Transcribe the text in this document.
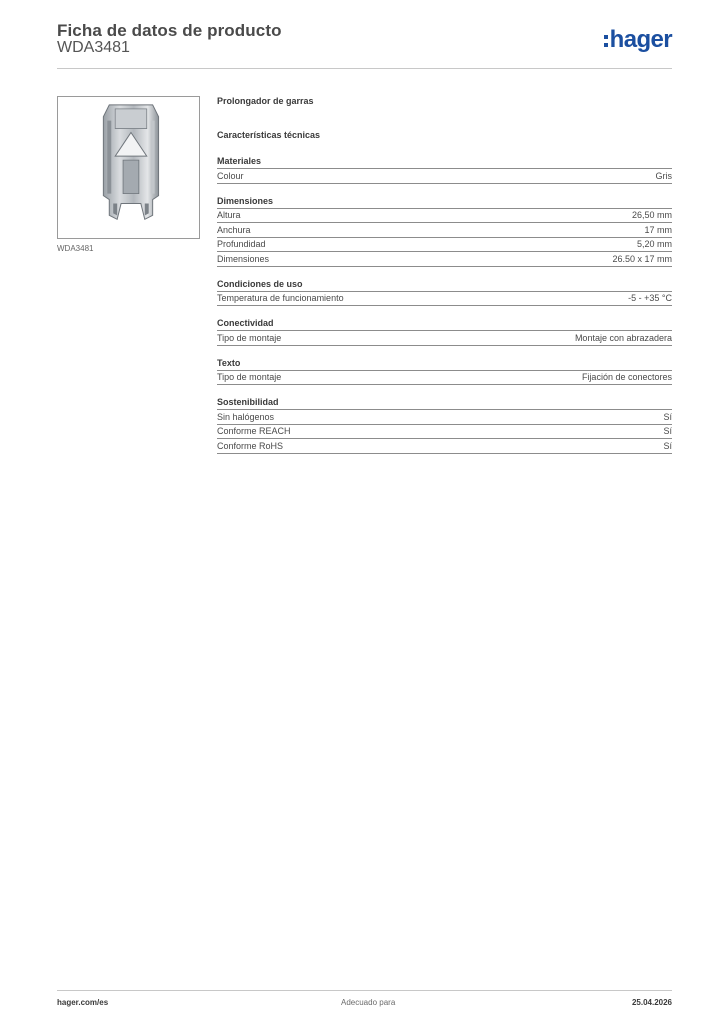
Ficha de datos de producto
WDA3481	hager
WDA3481
Prolongador de garras
Características técnicas
Materiales
Colour	Gris
Dimensiones
Altura	26,50 mm
Anchura	17 mm
Profundidad	5,20 mm
Dimensiones	26.50 x 17 mm
Condiciones de uso
Temperatura de funcionamiento	-5 - +35 °C
Conectividad
Tipo de montaje	Montaje con abrazadera
Texto
Tipo de montaje	Fijación de conectores
Sostenibilidad
Sin halógenos	Sí
Conforme REACH	Sí
Conforme RoHS	Sí
hager.com/es	Adecuado para	25.04.2026
